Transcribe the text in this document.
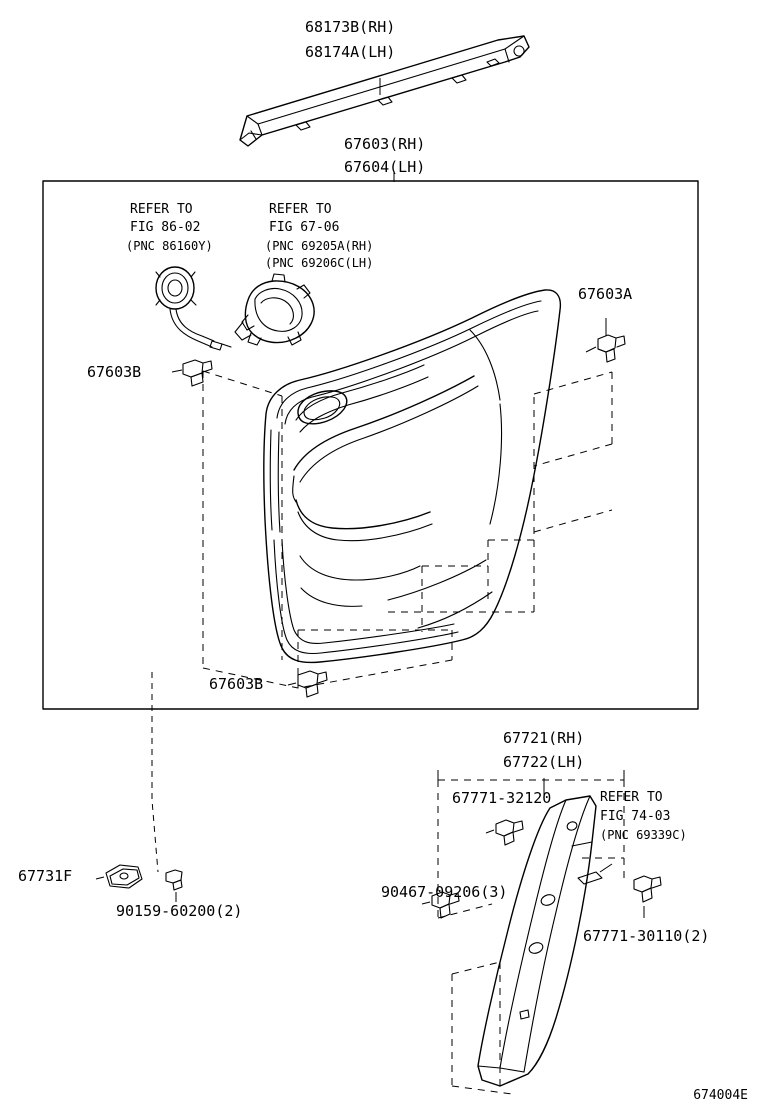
68173B(RH)
68174A(LH)
67603(RH)
67604(LH)
REFER TO
FIG 86-02
(PNC 86160Y)
REFER TO
FIG 67-06
(PNC 69205A(RH)
(PNC 69206C(LH)
67603A
67603B
67603B
67721(RH)
67722(LH)
67771-32120
90467-09206(3)
REFER TO
FIG 74-03
(PNC 69339C)
67771-30110(2)
67731F
90159-60200(2)
674004E
